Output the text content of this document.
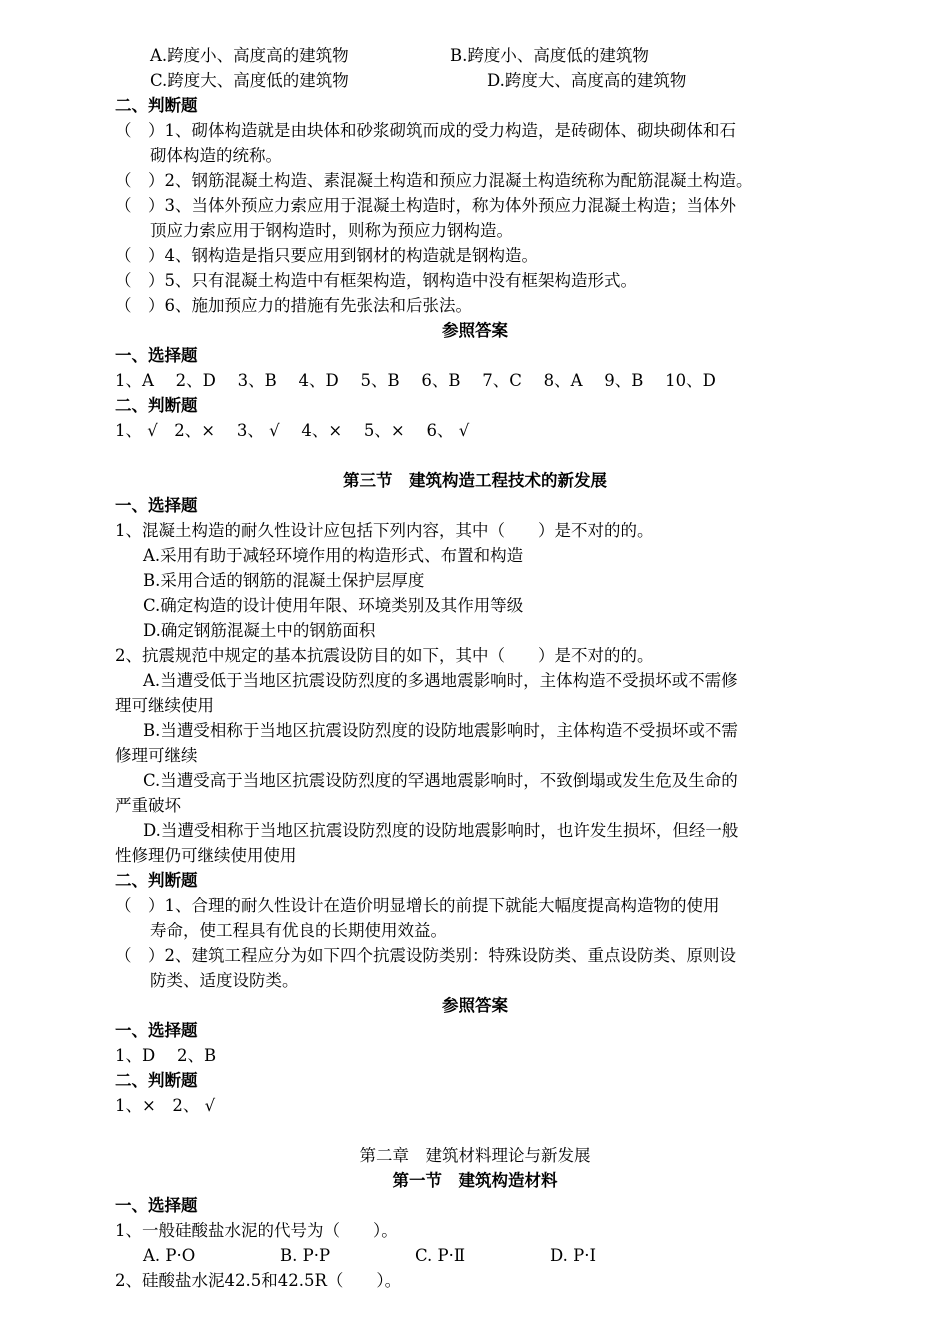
A.跨度小、高度高的建筑物	B.跨度小、高度低的建筑物
C.跨度大、高度低的建筑物	D.跨度大、高度高的建筑物
二、判断题
（　）1、砌体构造就是由块体和砂浆砌筑而成的受力构造，是砖砌体、砌块砌体和石
砌体构造的统称。
（　）2、钢筋混凝土构造、素混凝土构造和预应力混凝土构造统称为配筋混凝土构造。
（　）3、当体外预应力索应用于混凝土构造时，称为体外预应力混凝土构造；当体外
顶应力索应用于钢构造时，则称为预应力钢构造。
（　）4、钢构造是指只要应用到钢材的构造就是钢构造。
（　）5、只有混凝土构造中有框架构造，钢构造中没有框架构造形式。
（　）6、施加预应力的措施有先张法和后张法。
参照答案
一、选择题
1、A　 2、D　 3、B　 4、D　 5、B　 6、B　 7、C　 8、A　 9、B　 10、D
二、判断题
1、 √　2、×　 3、 √　 4、×　 5、×　 6、 √
第三节　建筑构造工程技术的新发展
一、选择题
1、混凝土构造的耐久性设计应包括下列内容，其中（　　）是不对的的。
A.采用有助于减轻环境作用的构造形式、布置和构造
B.采用合适的钢筋的混凝土保护层厚度
C.确定构造的设计使用年限、环境类别及其作用等级
D.确定钢筋混凝土中的钢筋面积
2、抗震规范中规定的基本抗震设防目的如下，其中（　　）是不对的的。
A.当遭受低于当地区抗震设防烈度的多遇地震影响时，主体构造不受损坏或不需修
理可继续使用
B.当遭受相称于当地区抗震设防烈度的设防地震影响时，主体构造不受损坏或不需
修理可继续
C.当遭受高于当地区抗震设防烈度的罕遇地震影响时，不致倒塌或发生危及生命的
严重破坏
D.当遭受相称于当地区抗震设防烈度的设防地震影响时，也许发生损坏，但经一般
性修理仍可继续使用使用
二、判断题
（　）1、合理的耐久性设计在造价明显增长的前提下就能大幅度提高构造物的使用
寿命，使工程具有优良的长期使用效益。
（　）2、建筑工程应分为如下四个抗震设防类别：特殊设防类、重点设防类、原则设
防类、适度设防类。
参照答案
一、选择题
1、D　 2、B
二、判断题
1、×　2、 √
第二章　建筑材料理论与新发展
第一节　建筑构造材料
一、选择题
1、一般硅酸盐水泥的代号为（　　）。
A. P·O	B. P·P	C. P·Ⅱ	D. P·Ⅰ
2、硅酸盐水泥42.5和42.5R（　　）。
